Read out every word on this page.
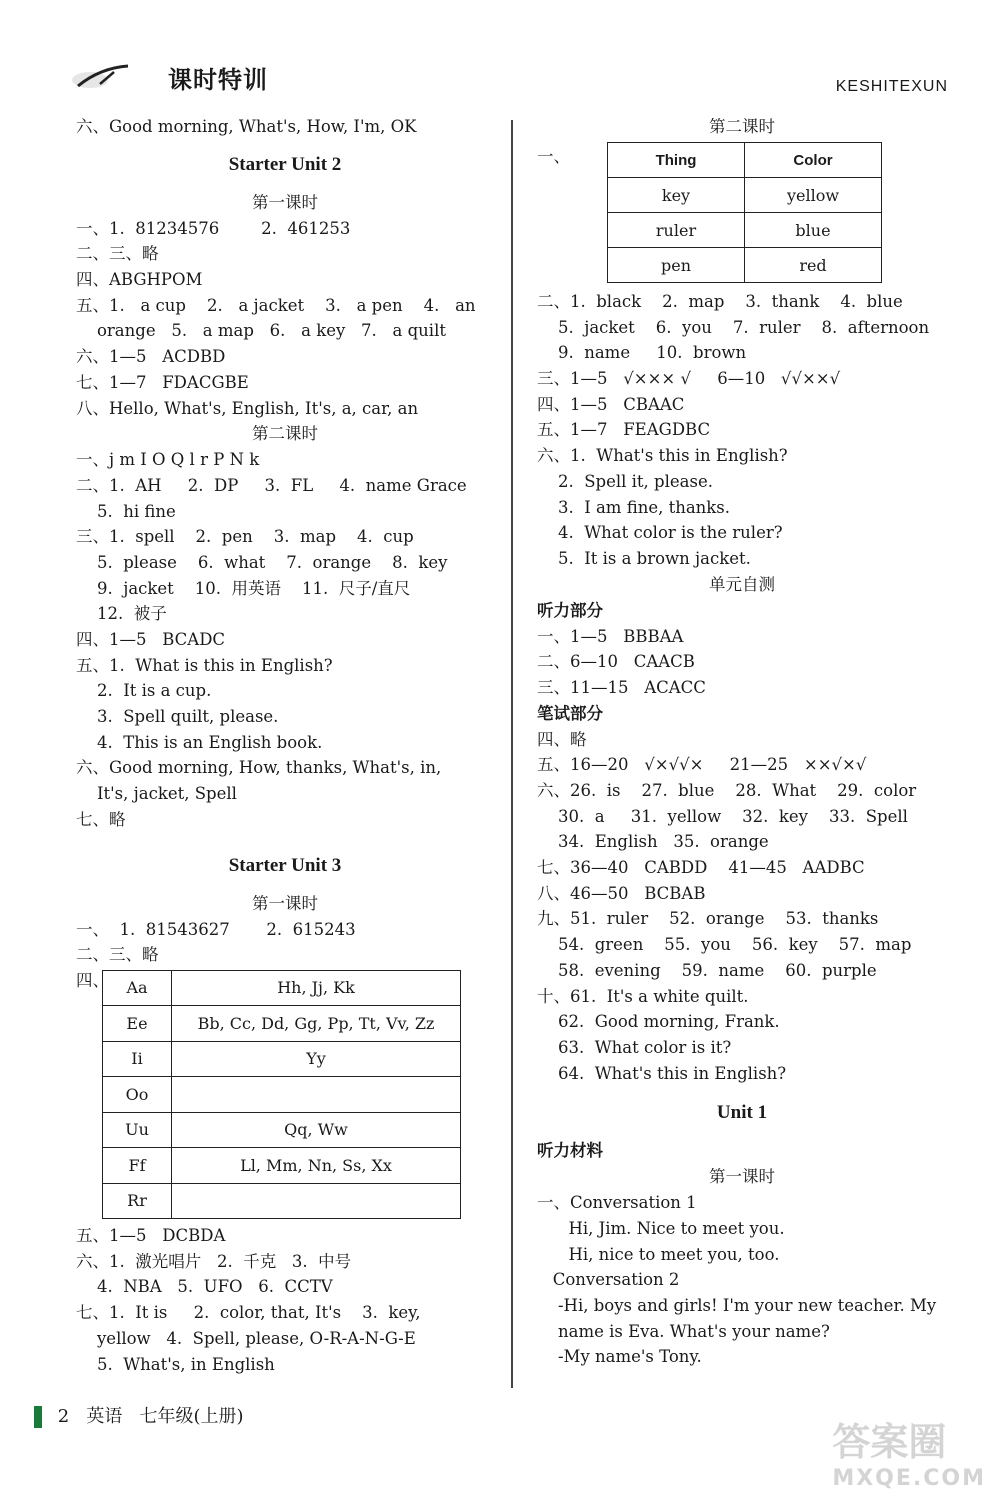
课时特训	KESHITEXUN
六、Good morning, What's, How, I'm, OK
Starter Unit 2
第一课时
一、1.  81234576        2.  461253
二、三、略
四、ABGHPOM
五、1.   a cup    2.   a jacket    3.   a pen    4.   an
orange   5.   a map   6.   a key   7.   a quilt
六、1—5   ACDBD
七、1—7   FDACGBE
八、Hello, What's, English, It's, a, car, an
第二课时
一、j m I O Q l r P N k
二、1.  AH     2.  DP     3.  FL     4.  name Grace
5.  hi fine
三、1.  spell    2.  pen    3.  map    4.  cup
5.  please    6.  what    7.  orange    8.  key
9.  jacket    10.  用英语    11.  尺子/直尺
12.  被子
四、1—5   BCADC
五、1.  What is this in English?
2.  It is a cup.
3.  Spell quilt, please.
4.  This is an English book.
六、Good morning, How, thanks, What's, in,
It's, jacket, Spell
七、略
Starter Unit 3
第一课时
一、  1.  81543627       2.  615243
二、三、略
四、	Aa	Hh, Jj, Kk
Ee	Bb, Cc, Dd, Gg, Pp, Tt, Vv, Zz
Ii	Yy
Oo	
Uu	Qq, Ww
Ff	Ll, Mm, Nn, Ss, Xx
Rr	
五、1—5   DCBDA
六、1.  激光唱片   2.  千克   3.  中号
4.  NBA   5.  UFO   6.  CCTV
七、1.  It is     2.  color, that, It's    3.  key,
yellow   4.  Spell, please, O-R-A-N-G-E
5.  What's, in English
第二课时
一、	Thing	Color
key	yellow
ruler	blue
pen	red
二、1.  black    2.  map    3.  thank    4.  blue
5.  jacket    6.  you    7.  ruler    8.  afternoon
9.  name     10.  brown
三、1—5   √××× √     6—10   √√××√
四、1—5   CBAAC
五、1—7   FEAGDBC
六、1.  What's this in English?
2.  Spell it, please.
3.  I am fine, thanks.
4.  What color is the ruler?
5.  It is a brown jacket.
单元自测
听力部分
一、1—5   BBBAA
二、6—10   CAACB
三、11—15   ACACC
笔试部分
四、略
五、16—20   √×√√×     21—25   ××√×√
六、26.  is    27.  blue    28.  What    29.  color
30.  a     31.  yellow    32.  key    33.  Spell
34.  English   35.  orange
七、36—40   CABDD    41—45   AADBC
八、46—50   BCBAB
九、51.  ruler    52.  orange    53.  thanks
54.  green    55.  you    56.  key    57.  map
58.  evening    59.  name    60.  purple
十、61.  It's a white quilt.
62.  Good morning, Frank.
63.  What color is it?
64.  What's this in English?
Unit 1
听力材料
第一课时
一、Conversation 1
Hi, Jim. Nice to meet you.
Hi, nice to meet you, too.
Conversation 2
-Hi, boys and girls! I'm your new teacher. My
name is Eva. What's your name?
-My name's Tony.
2 英语 七年级(上册)
答案圈
MXQE.COM
